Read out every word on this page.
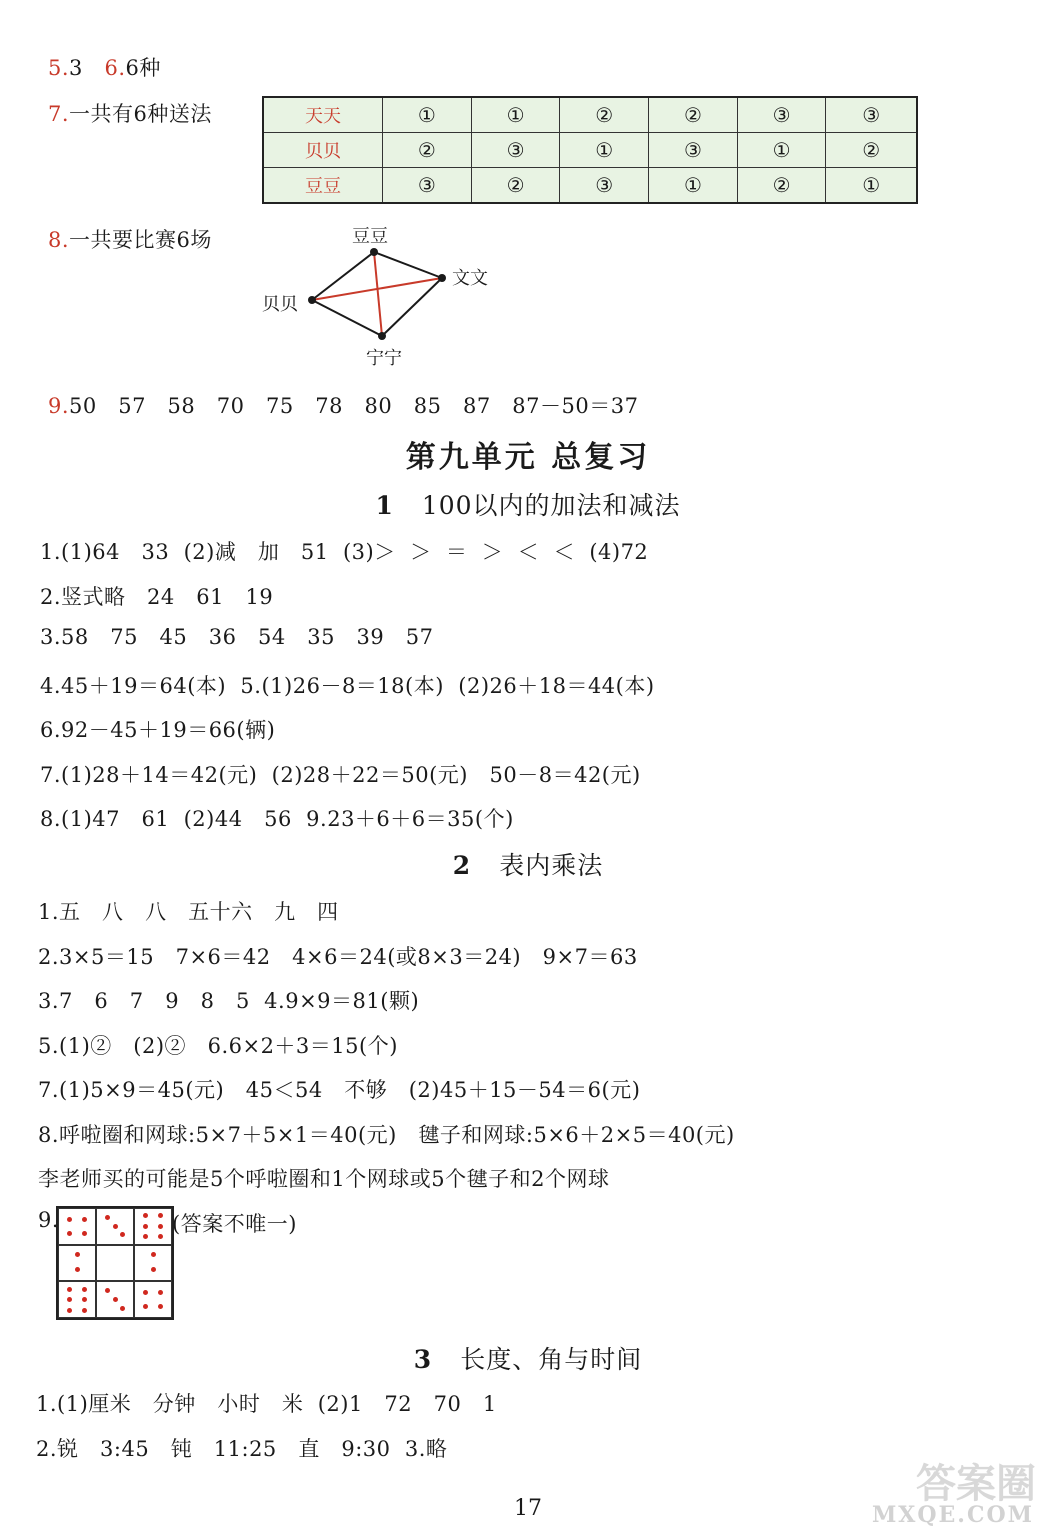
5.3 6.6种
7.一共有6种送法	天天	①	①	②	②	③	③
贝贝	②	③	①	③	①	②
豆豆	③	②	③	①	②	①
8.一共要比赛6场	豆豆
文文
贝贝
宁宁
9.50   57   58   70   75   78   80   85   87   87－50＝37
第九单元 总复习
1 100以内的加法和减法
1.(1)64   33  (2)减   加   51  (3)＞  ＞  ＝  ＞  ＜  ＜  (4)72
2.竖式略   24   61   19
3.58   75   45   36   54   35   39   57
4.45＋19＝64(本)  5.(1)26－8＝18(本)  (2)26＋18＝44(本)
6.92－45＋19＝66(辆)
7.(1)28＋14＝42(元)  (2)28＋22＝50(元)   50－8＝42(元)
8.(1)47   61  (2)44   56  9.23＋6＋6＝35(个)
2 表内乘法
1.五   八   八   五十六   九   四
2.3×5＝15   7×6＝42   4×6＝24(或8×3＝24)   9×7＝63
3.7   6   7   9   8   5  4.9×9＝81(颗)
5.(1)②   (2)②   6.6×2＋3＝15(个)
7.(1)5×9＝45(元)   45＜54   不够   (2)45＋15－54＝6(元)
8.呼啦圈和网球:5×7＋5×1＝40(元)   毽子和网球:5×6＋2×5＝40(元)
李老师买的可能是5个呼啦圈和1个网球或5个毽子和2个网球
9.	(答案不唯一)
3 长度、角与时间
1.(1)厘米   分钟   小时   米  (2)1   72   70   1
2.锐   3:45   钝   11:25   直   9:30  3.略
17
答案圈
MXQE.COM
